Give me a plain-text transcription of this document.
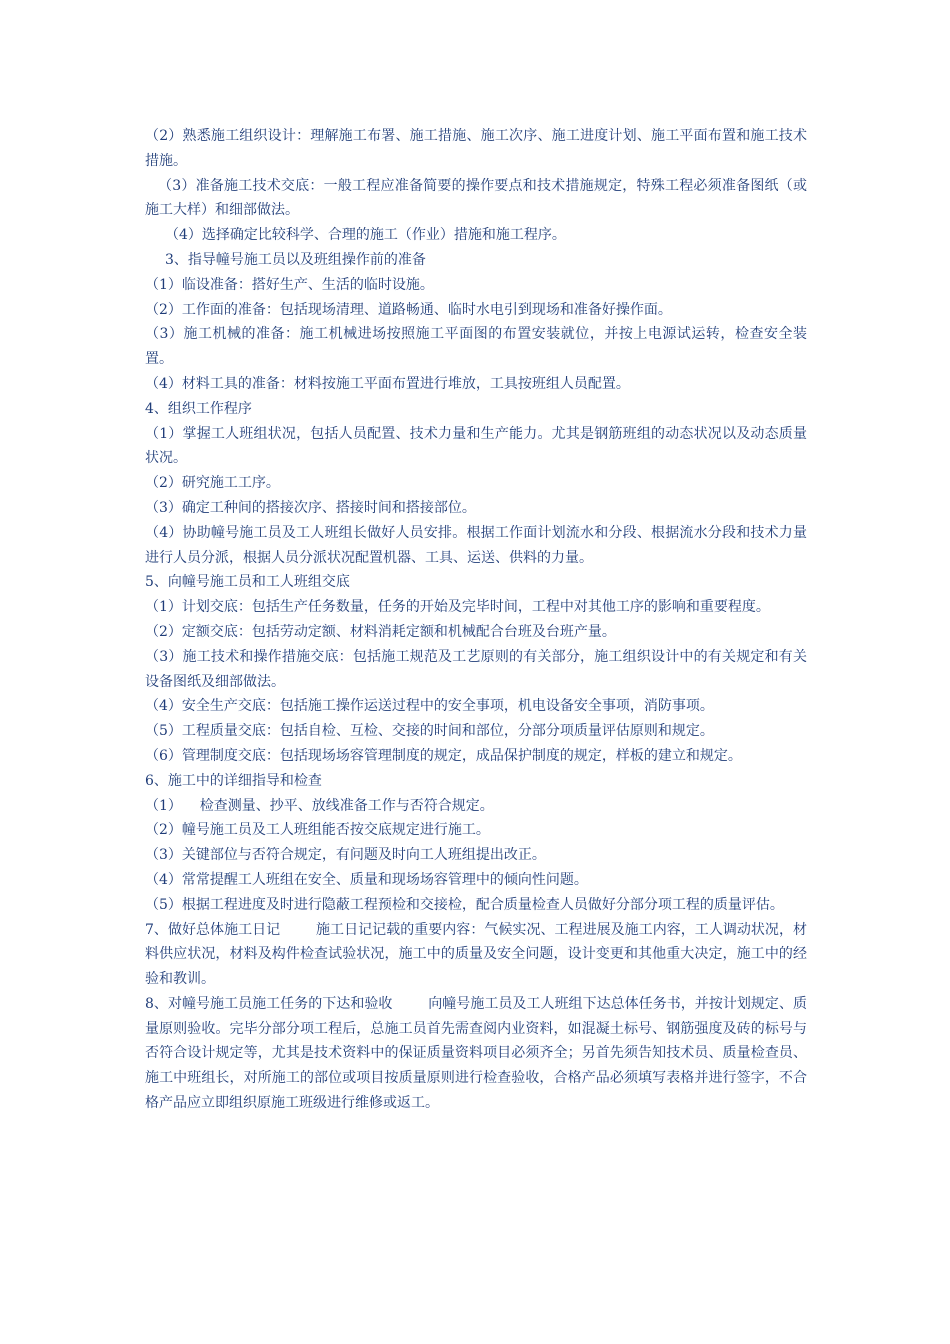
（2）熟悉施工组织设计：理解施工布署、施工措施、施工次序、施工进度计划、施工平面布置和施工技术措施。

（3）准备施工技术交底：一般工程应准备简要的操作要点和技术措施规定，特殊工程必须准备图纸（或施工大样）和细部做法。

（4）选择确定比较科学、合理的施工（作业）措施和施工程序。

3、指导幢号施工员以及班组操作前的准备

（1）临设准备：搭好生产、生活的临时设施。

（2）工作面的准备：包括现场清理、道路畅通、临时水电引到现场和准备好操作面。

（3）施工机械的准备：施工机械进场按照施工平面图的布置安装就位，并按上电源试运转，检查安全装置。

（4）材料工具的准备：材料按施工平面布置进行堆放，工具按班组人员配置。

4、组织工作程序

（1）掌握工人班组状况，包括人员配置、技术力量和生产能力。尤其是钢筋班组的动态状况以及动态质量状况。

（2）研究施工工序。

（3）确定工种间的搭接次序、搭接时间和搭接部位。

（4）协助幢号施工员及工人班组长做好人员安排。根据工作面计划流水和分段、根据流水分段和技术力量进行人员分派，根据人员分派状况配置机器、工具、运送、供料的力量。

5、向幢号施工员和工人班组交底

（1）计划交底：包括生产任务数量，任务的开始及完毕时间，工程中对其他工序的影响和重要程度。

（2）定额交底：包括劳动定额、材料消耗定额和机械配合台班及台班产量。

（3）施工技术和操作措施交底：包括施工规范及工艺原则的有关部分，施工组织设计中的有关规定和有关设备图纸及细部做法。

（4）安全生产交底：包括施工操作运送过程中的安全事项，机电设备安全事项，消防事项。

（5）工程质量交底：包括自检、互检、交接的时间和部位，分部分项质量评估原则和规定。

（6）管理制度交底：包括现场场容管理制度的规定，成品保护制度的规定，样板的建立和规定。

6、施工中的详细指导和检查

（1）    检查测量、抄平、放线准备工作与否符合规定。

（2）幢号施工员及工人班组能否按交底规定进行施工。

（3）关键部位与否符合规定，有问题及时向工人班组提出改正。

（4）常常提醒工人班组在安全、质量和现场场容管理中的倾向性问题。

（5）根据工程进度及时进行隐蔽工程预检和交接检，配合质量检查人员做好分部分项工程的质量评估。

7、做好总体施工日记        施工日记记载的重要内容：气候实况、工程进展及施工内容，工人调动状况，材料供应状况，材料及构件检查试验状况，施工中的质量及安全问题，设计变更和其他重大决定，施工中的经验和教训。

8、对幢号施工员施工任务的下达和验收        向幢号施工员及工人班组下达总体任务书，并按计划规定、质量原则验收。完毕分部分项工程后，总施工员首先需查阅内业资料，如混凝土标号、钢筋强度及砖的标号与否符合设计规定等，尤其是技术资料中的保证质量资料项目必须齐全；另首先须告知技术员、质量检查员、施工中班组长，对所施工的部位或项目按质量原则进行检查验收，合格产品必须填写表格并进行签字，不合格产品应立即组织原施工班级进行维修或返工。
